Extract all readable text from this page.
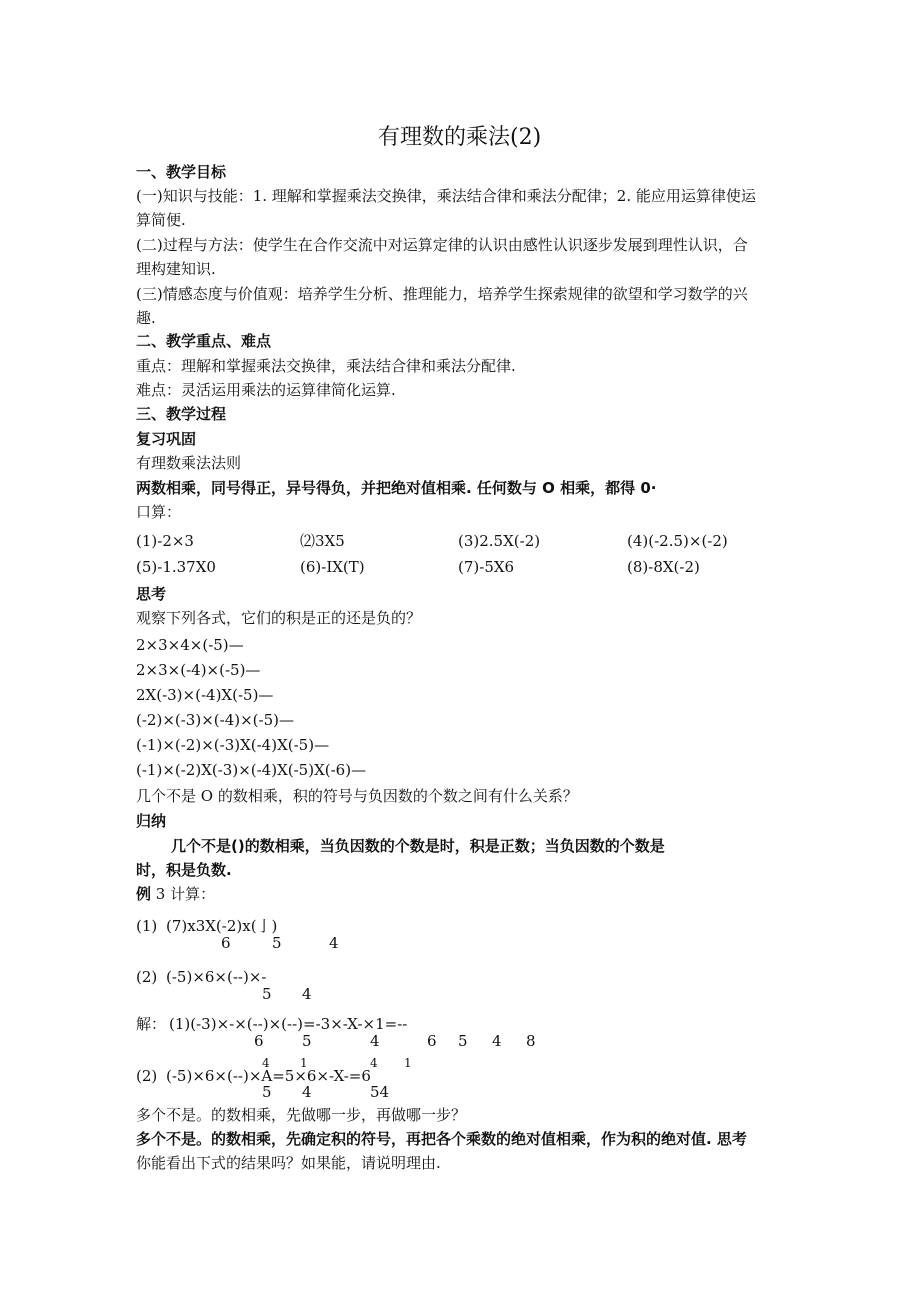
有理数的乘法(2)
一、教学目标
(一)知识与技能：1. 理解和掌握乘法交换律，乘法结合律和乘法分配律；2. 能应用运算律使运
算简便.
(二)过程与方法：使学生在合作交流中对运算定律的认识由感性认识逐步发展到理性认识，合
理构建知识.
(三)情感态度与价值观：培养学生分析、推理能力，培养学生探索规律的欲望和学习数学的兴
趣.
二、教学重点、难点
重点：理解和掌握乘法交换律，乘法结合律和乘法分配律.
难点：灵活运用乘法的运算律简化运算.
三、教学过程
复习巩固
有理数乘法法则
两数相乘，同号得正，异号得负，并把绝对值相乘. 任何数与 O 相乘，都得 0·
口算：
(1)-2×3	⑵3X5	(3)2.5X(-2)	(4)(-2.5)×(-2)
(5)-1.37X0	(6)-IX(T)	(7)-5X6	(8)-8X(-2)
思考
观察下列各式，它们的积是正的还是负的？
2×3×4×(-5)—
2×3×(-4)×(-5)—
2X(-3)×(-4)X(-5)—
(-2)×(-3)×(-4)×(-5)—
(-1)×(-2)×(-3)X(-4)X(-5)—
(-1)×(-2)X(-3)×(-4)X(-5)X(-6)—
几个不是 O 的数相乘，积的符号与负因数的个数之间有什么关系？
归纳
几个不是()的数相乘，当负因数的个数是时，积是正数；当负因数的个数是
时，积是负数.
例 3 计算：
(1) (7)x3X(-2)x(亅)
6	5	4
(2) (-5)×6×(--)×-
5 4
解： (1)(-3)×-×(--)×(--)=-3×-X-×1=--
6	5	4	6 5 4 8
4	1	4 1
(2) (-5)×6×(--)×A=5×6×-X-=6
5 4	54
多个不是。的数相乘，先做哪一步，再做哪一步？
多个不是。的数相乘，先确定积的符号，再把各个乘数的绝对值相乘，作为积的绝对值. 思考
你能看出下式的结果吗？如果能，请说明理由.
